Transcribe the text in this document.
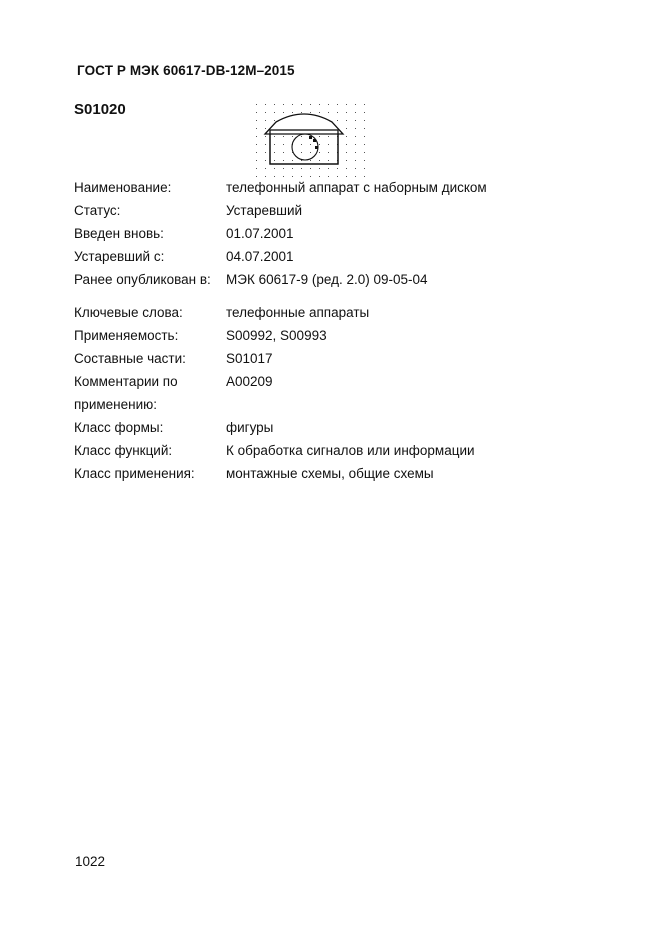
ГОСТ Р МЭК 60617-DB-12M–2015
S01020
Наименование:	телефонный аппарат с наборным диском
Статус:	Устаревший
Введен вновь:	01.07.2001
Устаревший с:	04.07.2001
Ранее опубликован в:	МЭК 60617-9 (ред. 2.0) 09-05-04
Ключевые слова:	телефонные аппараты
Применяемость:	S00992, S00993
Составные части:	S01017
Комментарии по	A00209
применению:
Класс формы:	фигуры
Класс функций:	К обработка сигналов или информации
Класс применения:	монтажные схемы, общие схемы
1022
